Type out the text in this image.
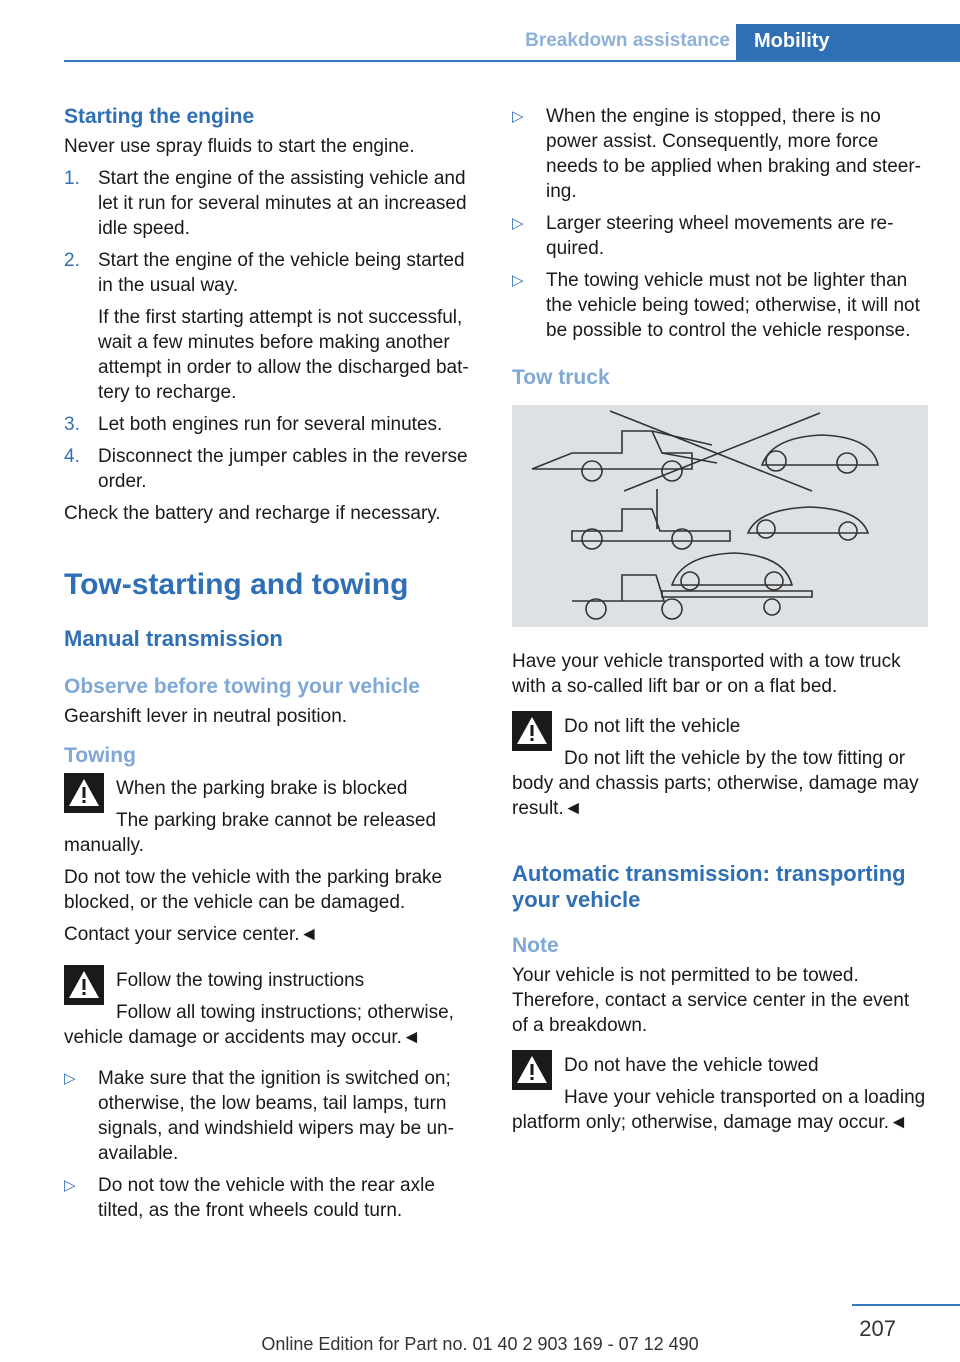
Breakdown assistance	Mobility
Starting the engine

Never use spray fluids to start the engine.

1. Start the engine of the assisting vehicle and let it run for several minutes at an increased idle speed.
2. Start the engine of the vehicle being started in the usual way.
If the first starting attempt is not successful, wait a few minutes before making another attempt in order to allow the discharged bat-tery to recharge.
3. Let both engines run for several minutes.
4. Disconnect the jumper cables in the reverse order.

Check the battery and recharge if necessary.

Tow-starting and towing
Manual transmission
Observe before towing your vehicle

Gearshift lever in neutral position.

Towing
When the parking brake is blocked
The parking brake cannot be released manually.

Do not tow the vehicle with the parking brake blocked, or the vehicle can be damaged.

Contact your service center.◄

Follow the towing instructions
Follow all towing instructions; otherwise, vehicle damage or accidents may occur.◄
▷ Make sure that the ignition is switched on; otherwise, the low beams, tail lamps, turn signals, and windshield wipers may be un-available.
▷ Do not tow the vehicle with the rear axle tilted, as the front wheels could turn.
▷ When the engine is stopped, there is no power assist. Consequently, more force needs to be applied when braking and steer-ing.
▷ Larger steering wheel movements are re-quired.
▷ The towing vehicle must not be lighter than the vehicle being towed; otherwise, it will not be possible to control the vehicle response.
Tow truck

Have your vehicle transported with a tow truck with a so-called lift bar or on a flat bed.

Do not lift the vehicle
Do not lift the vehicle by the tow fitting or body and chassis parts; otherwise, damage may result.◄
Automatic transmission: transporting your vehicle
Note

Your vehicle is not permitted to be towed. Therefore, contact a service center in the event of a breakdown.

Do not have the vehicle towed
Have your vehicle transported on a loading platform only; otherwise, damage may occur.◄
207
Online Edition for Part no. 01 40 2 903 169 - 07 12 490
